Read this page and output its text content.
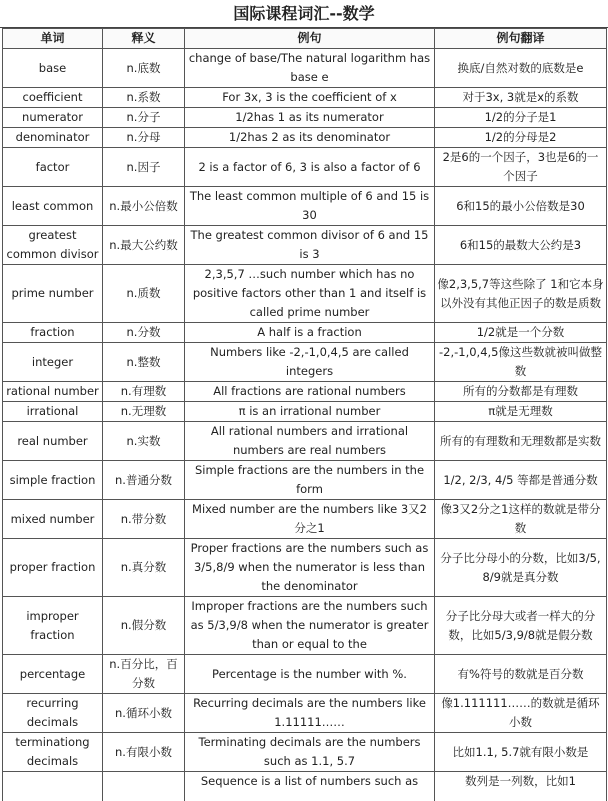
国际课程词汇--数学
单词	释义	例句	例句翻译
base	n.底数	change of base/The natural logarithm has base e	换底/自然对数的底数是e
coefficient	n.系数	For 3x, 3 is the coefficient of x	对于3x, 3就是x的系数
numerator	n.分子	1/2has 1 as its numerator	1/2的分子是1
denominator	n.分母	1/2has 2 as its denominator	1/2的分母是2
factor	n.因子	2 is a factor of 6, 3 is also a factor of 6	2是6的一个因子，3也是6的一个因子
least common	n.最小公倍数	The least common multiple of 6 and 15 is 30	6和15的最小公倍数是30
greatest common divisor	n.最大公约数	The greatest common divisor of 6 and 15 is 3	6和15的最数大公约是3
prime number	n.质数	2,3,5,7 …such number which has no positive factors other than 1 and itself is called prime number	像2,3,5,7等这些除了 1和它本身以外没有其他正因子的数是质数
fraction	n.分数	A half is a fraction	1/2就是一个分数
integer	n.整数	Numbers like -2,-1,0,4,5 are called integers	-2,-1,0,4,5像这些数就被叫做整数
rational number	n.有理数	All fractions are rational numbers	所有的分数都是有理数
irrational	n.无理数	π is an irrational number	π就是无理数
real number	n.实数	All rational numbers and irrational numbers are real numbers	所有的有理数和无理数都是实数
simple fraction	n.普通分数	Simple fractions are the numbers in the form	1/2, 2/3, 4/5 等都是普通分数
mixed number	n.带分数	Mixed number are the numbers like 3又2分之1	像3又2分之1这样的数就是带分数
proper fraction	n.真分数	Proper fractions are the numbers such as 3/5,8/9 when the numerator is less than the denominator	分子比分母小的分数，比如3/5, 8/9就是真分数
improper fraction	n.假分数	Improper fractions are the numbers such as 5/3,9/8 when the numerator is greater than or equal to the	分子比分母大或者一样大的分数，比如5/3,9/8就是假分数
percentage	n.百分比，百分数	Percentage is the number with %.	有%符号的数就是百分数
recurring decimals	n.循环小数	Recurring decimals are the numbers like 1.11111……	像1.111111……的数就是循环小数
terminationg decimals	n.有限小数	Terminating decimals are the numbers such as 1.1, 5.7	比如1.1, 5.7就有限小数是
		Sequence is a list of numbers such as	数列是一列数，比如1
